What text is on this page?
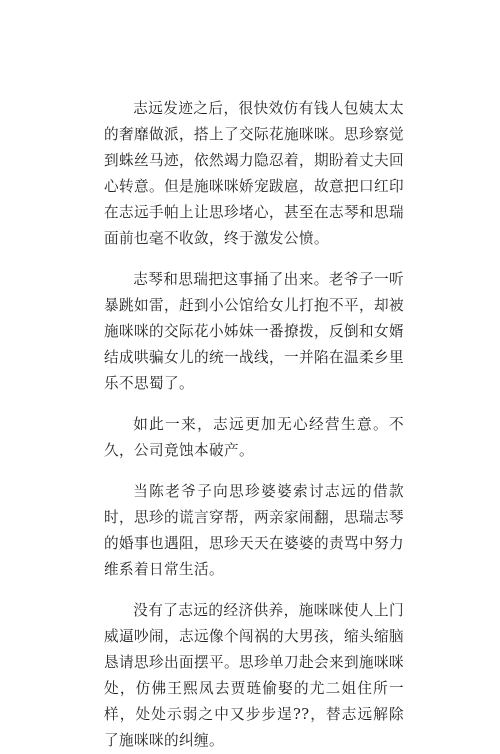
志远发迹之后，很快效仿有钱人包姨太太的奢靡做派，搭上了交际花施咪咪。思珍察觉到蛛丝马迹，依然竭力隐忍着，期盼着丈夫回心转意。但是施咪咪娇宠跋扈，故意把口红印在志远手帕上让思珍堵心，甚至在志琴和思瑞面前也毫不收敛，终于激发公愤。

志琴和思瑞把这事捅了出来。老爷子一听暴跳如雷，赶到小公馆给女儿打抱不平，却被施咪咪的交际花小姊妹一番撩拨，反倒和女婿结成哄骗女儿的统一战线，一并陷在温柔乡里乐不思蜀了。

如此一来，志远更加无心经营生意。不久，公司竟蚀本破产。

当陈老爷子向思珍婆婆索讨志远的借款时，思珍的谎言穿帮，两亲家闹翻，思瑞志琴的婚事也遇阻，思珍天天在婆婆的责骂中努力维系着日常生活。

没有了志远的经济供养，施咪咪使人上门威逼吵闹，志远像个闯祸的大男孩，缩头缩脑恳请思珍出面摆平。思珍单刀赴会来到施咪咪处，仿佛王熙凤去贾琏偷娶的尤二姐住所一样，处处示弱之中又步步逞??，替志远解除了施咪咪的纠缠。
